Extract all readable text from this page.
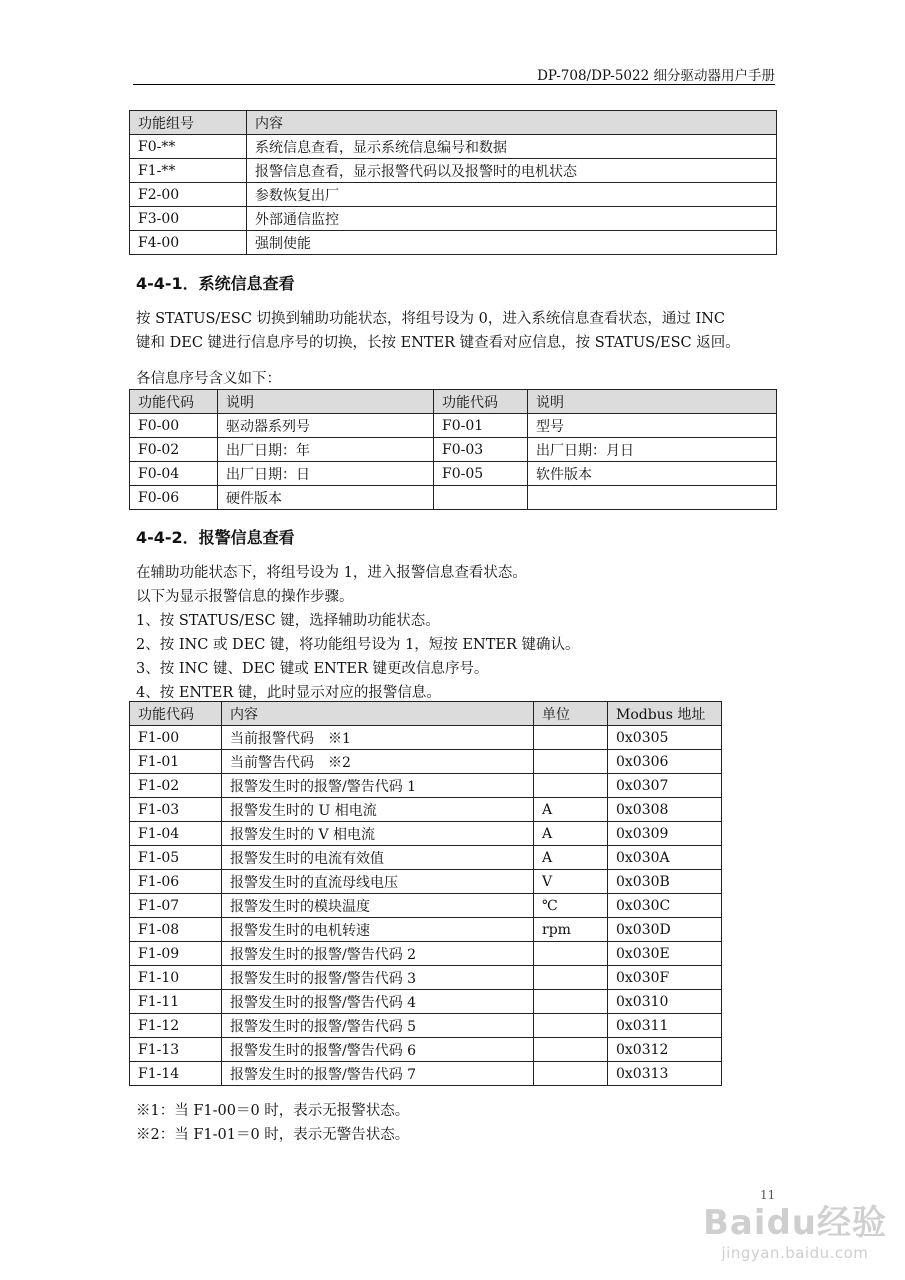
DP-708/DP-5022 细分驱动器用户手册
功能组号	内容
F0-**	系统信息查看，显示系统信息编号和数据
F1-**	报警信息查看，显示报警代码以及报警时的电机状态
F2-00	参数恢复出厂
F3-00	外部通信监控
F4-00	强制使能
4-4-1．系统信息查看
按 STATUS/ESC 切换到辅助功能状态，将组号设为 0，进入系统信息查看状态，通过 INC
键和 DEC 键进行信息序号的切换，长按 ENTER 键查看对应信息，按 STATUS/ESC 返回。
各信息序号含义如下：
功能代码	说明	功能代码	说明
F0-00	驱动器系列号	F0-01	型号
F0-02	出厂日期：年	F0-03	出厂日期：月日
F0-04	出厂日期：日	F0-05	软件版本
F0-06	硬件版本		
4-4-2．报警信息查看
在辅助功能状态下，将组号设为 1，进入报警信息查看状态。
以下为显示报警信息的操作步骤。
1、按 STATUS/ESC 键，选择辅助功能状态。
2、按 INC 或 DEC 键，将功能组号设为 1，短按 ENTER 键确认。
3、按 INC 键、DEC 键或 ENTER 键更改信息序号。
4、按 ENTER 键，此时显示对应的报警信息。
功能代码	内容	单位	Modbus 地址
F1-00	当前报警代码　※1		0x0305
F1-01	当前警告代码　※2		0x0306
F1-02	报警发生时的报警/警告代码 1		0x0307
F1-03	报警发生时的 U 相电流	A	0x0308
F1-04	报警发生时的 V 相电流	A	0x0309
F1-05	报警发生时的电流有效值	A	0x030A
F1-06	报警发生时的直流母线电压	V	0x030B
F1-07	报警发生时的模块温度	℃	0x030C
F1-08	报警发生时的电机转速	rpm	0x030D
F1-09	报警发生时的报警/警告代码 2		0x030E
F1-10	报警发生时的报警/警告代码 3		0x030F
F1-11	报警发生时的报警/警告代码 4		0x0310
F1-12	报警发生时的报警/警告代码 5		0x0311
F1-13	报警发生时的报警/警告代码 6		0x0312
F1-14	报警发生时的报警/警告代码 7		0x0313
※1：当 F1-00＝0 时，表示无报警状态。
※2：当 F1-01＝0 时，表示无警告状态。
11
Baidu经验
jingyan.baidu.com
